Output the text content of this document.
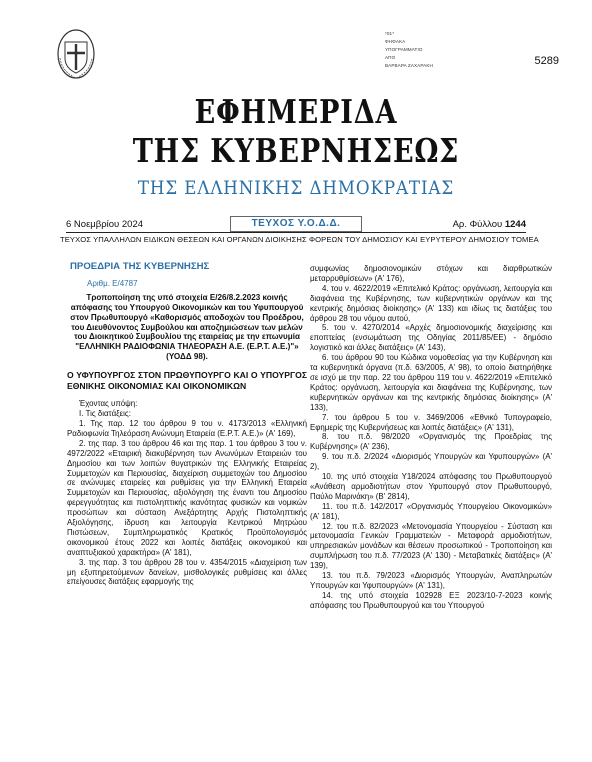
*01*
ΦΗΦΑΚΑ
ΥΠΟΓΡΑΜΜΑΤΙΟ
ΑΠΟ
ΒΑΡΒΑΡΑ ΖΑΧΑΡΑΚΗ	5289
ΕΦΗΜΕΡΙΔΑ
ΤΗΣ ΚΥΒΕΡΝΗΣΕΩΣ
ΤΗΣ ΕΛΛΗΝΙΚΗΣ ΔΗΜΟΚΡΑΤΙΑΣ
6 Νοεμβρίου 2024	ΤΕΥΧΟΣ Υ.Ο.Δ.Δ.	Αρ. Φύλλου 1244
ΤΕΥΧΟΣ ΥΠΑΛΛΗΛΩΝ ΕΙΔΙΚΩΝ ΘΕΣΕΩΝ ΚΑΙ ΟΡΓΑΝΩΝ ΔΙΟΙΚΗΣΗΣ ΦΟΡΕΩΝ ΤΟΥ ΔΗΜΟΣΙΟΥ ΚΑΙ ΕΥΡΥΤΕΡΟΥ ΔΗΜΟΣΙΟΥ ΤΟΜΕΑ
ΠΡΟΕΔΡΙΑ ΤΗΣ ΚΥΒΕΡΝΗΣΗΣ
Αριθμ. Ε/4787
Τροποποίηση της υπό στοιχεία Ε/26/8.2.2023 κοινής απόφασης του Υπουργού Οικονομικών και του Υφυπουργού στον Πρωθυπουργό «Καθορισμός αποδοχών του Προέδρου, του Διευθύνοντος Συμβούλου και αποζημιώσεων των μελών του Διοικητικού Συμβουλίου της εταιρείας με την επωνυμία "ΕΛΛΗΝΙΚΗ ΡΑΔΙΟΦΩΝΙΑ ΤΗΛΕΟΡΑΣΗ Α.Ε. (Ε.Ρ.Τ. Α.Ε.)"» (ΥΟΔΔ 98).
Ο ΥΦΥΠΟΥΡΓΟΣ ΣΤΟΝ ΠΡΩΘΥΠΟΥΡΓΟ ΚΑΙ Ο ΥΠΟΥΡΓΟΣ ΕΘΝΙΚΗΣ ΟΙΚΟΝΟΜΙΑΣ ΚΑΙ ΟΙΚΟΝΟΜΙΚΩΝ

Έχοντας υπόψη:

I. Τις διατάξεις:

1. Της παρ. 12 του άρθρου 9 του ν. 4173/2013 «Ελληνική Ραδιοφωνία Τηλεόραση Ανώνυμη Εταιρεία (Ε.Ρ.Τ. Α.Ε.)» (Α' 169),

2. της παρ. 3 του άρθρου 46 και της παρ. 1 του άρθρου 3 του ν. 4972/2022 «Εταιρική διακυβέρνηση των Ανωνύμων Εταιρειών του Δημοσίου και των λοιπών θυγατρικών της Ελληνικής Εταιρείας Συμμετοχών και Περιουσίας, διαχείριση συμμετοχών του Δημοσίου σε ανώνυμες εταιρείες και ρυθμίσεις για την Ελληνική Εταιρεία Συμμετοχών και Περιουσίας, αξιολόγηση της έναντι του Δημοσίου φερεγγυότητας και πιστοληπτικής ικανότητας φυσικών και νομικών προσώπων και σύσταση Ανεξάρτητης Αρχής Πιστοληπτικής Αξιολόγησης, ίδρυση και λειτουργία Κεντρικού Μητρώου Πιστώσεων, Συμπληρωματικός Κρατικός Προϋπολογισμός οικονομικού έτους 2022 και λοιπές διατάξεις οικονομικού και αναπτυξιακού χαρακτήρα» (Α' 181),

3. της παρ. 3 του άρθρου 28 του ν. 4354/2015 «Διαχείριση των μη εξυπηρετούμενων δανείων, μισθολογικές ρυθμίσεις και άλλες επείγουσες διατάξεις εφαρμογής της

συμφωνίας δημοσιονομικών στόχων και διαρθρωτικών μεταρρυθμίσεων» (Α' 176),

4. του ν. 4622/2019 «Επιτελικό Κράτος: οργάνωση, λειτουργία και διαφάνεια της Κυβέρνησης, των κυβερνητικών οργάνων και της κεντρικής δημόσιας διοίκησης» (Α' 133) και ιδίως τις διατάξεις του άρθρου 28 του νόμου αυτού,

5. του ν. 4270/2014 «Αρχές δημοσιονομικής διαχείρισης και εποπτείας (ενσωμάτωση της Οδηγίας 2011/85/ΕΕ) - δημόσιο λογιστικό και άλλες διατάξεις» (Α' 143),

6. του άρθρου 90 του Κώδικα νομοθεσίας για την Κυβέρνηση και τα κυβερνητικά όργανα (π.δ. 63/2005, Α' 98), το οποίο διατηρήθηκε σε ισχύ με την παρ. 22 του άρθρου 119 του ν. 4622/2019 «Επιτελικό Κράτος: οργάνωση, λειτουργία και διαφάνεια της Κυβέρνησης, των κυβερνητικών οργάνων και της κεντρικής δημόσιας διοίκησης» (Α' 133),

7. του άρθρου 5 του ν. 3469/2006 «Εθνικό Τυπογραφείο, Εφημερίς της Κυβερνήσεως και λοιπές διατάξεις» (Α' 131),

8. του π.δ. 98/2020 «Οργανισμός της Προεδρίας της Κυβέρνησης» (Α' 236),

9. του π.δ. 2/2024 «Διορισμός Υπουργών και Υφυπουργών» (Α' 2),

10. της υπό στοιχεία Υ18/2024 απόφασης του Πρωθυπουργού «Ανάθεση αρμοδιοτήτων στον Υφυπουργό στον Πρωθυπουργό, Παύλο Μαρινάκη» (Β' 2814),

11. του π.δ. 142/2017 «Οργανισμός Υπουργείου Οικονομικών» (Α' 181),

12. του π.δ. 82/2023 «Μετονομασία Υπουργείου - Σύσταση και μετονομασία Γενικών Γραμματειών - Μεταφορά αρμοδιοτήτων, υπηρεσιακών μονάδων και θέσεων προσωπικού - Τροποποίηση και συμπλήρωση του π.δ. 77/2023 (Α' 130) - Μεταβατικές διατάξεις» (Α' 139),

13. του π.δ. 79/2023 «Διορισμός Υπουργών, Αναπληρωτών Υπουργών και Υφυπουργών» (Α' 131),

14. της υπό στοιχεία 102928 ΕΞ 2023/10-7-2023 κοινής απόφασης του Πρωθυπουργού και του Υπουργού
